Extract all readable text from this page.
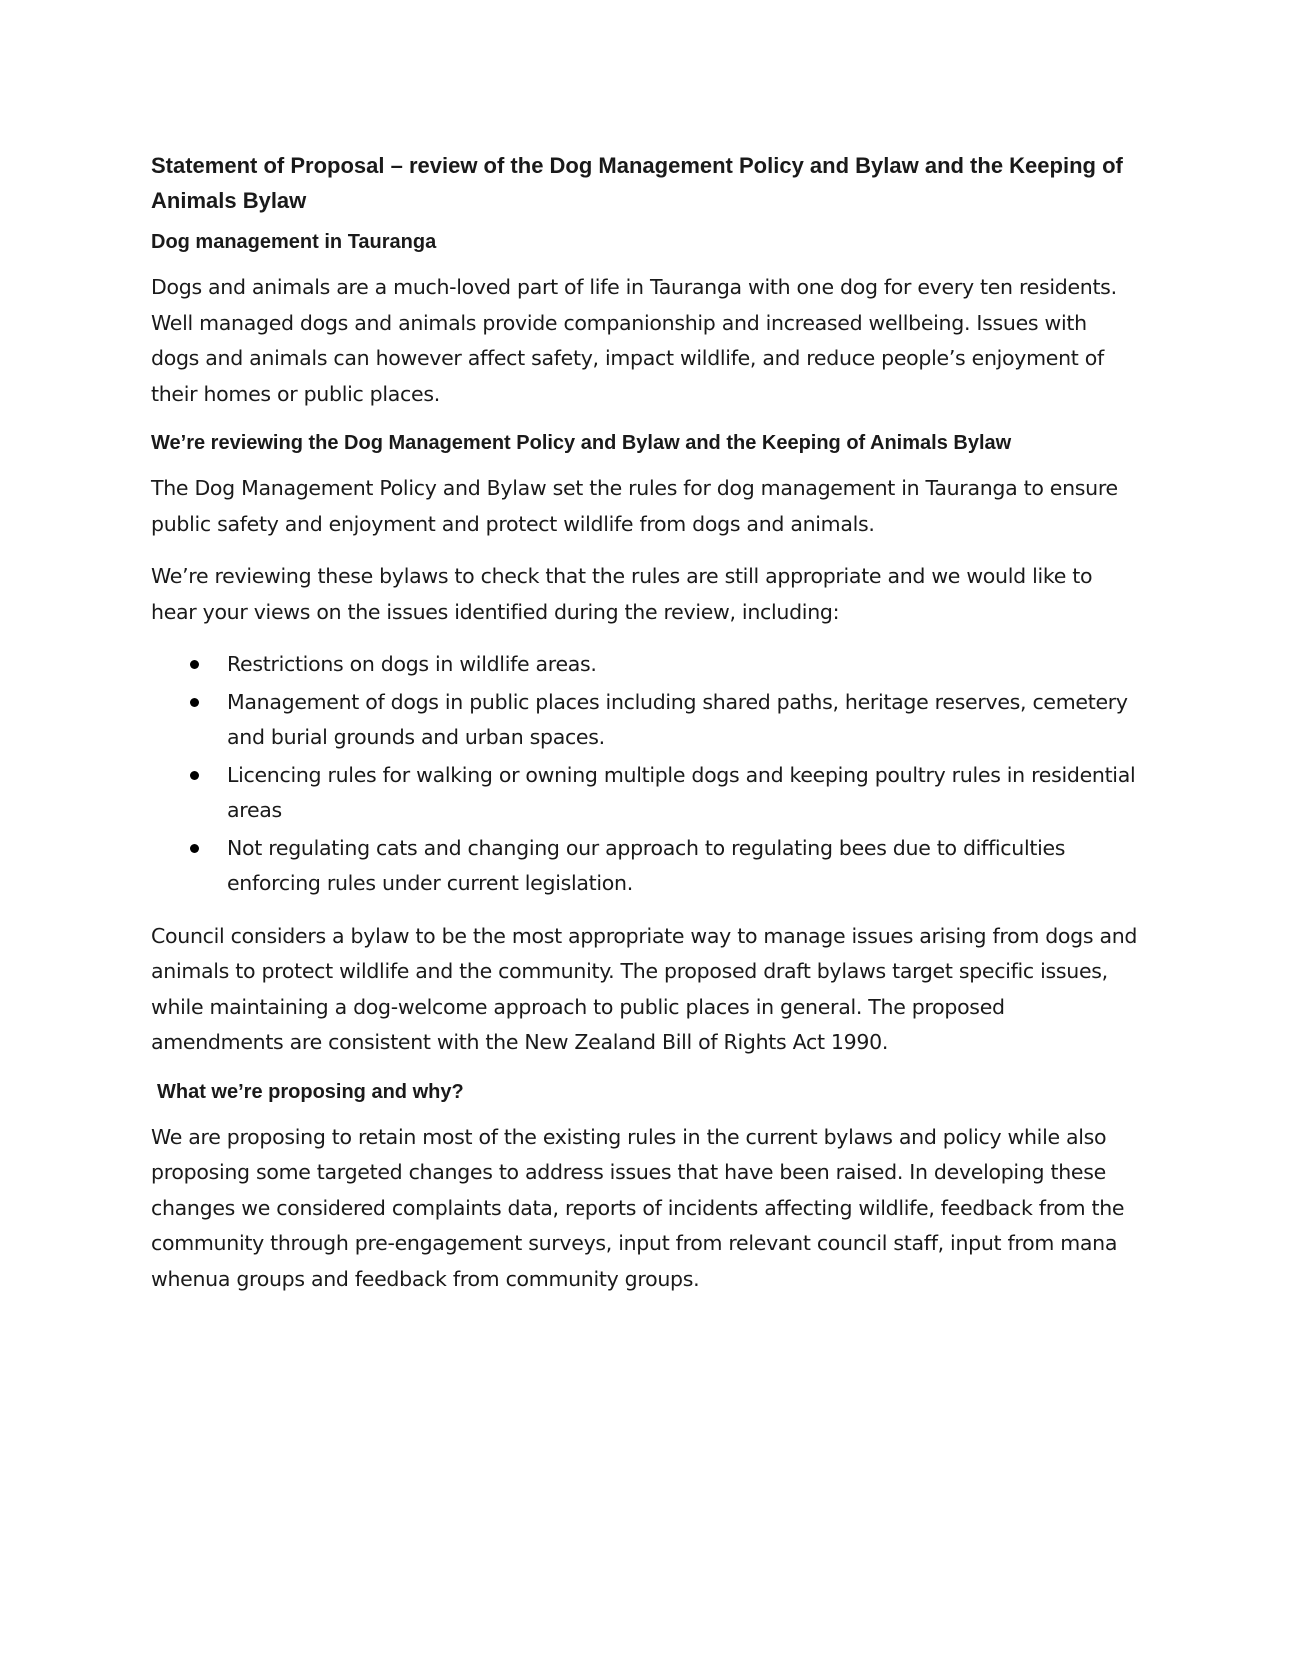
Statement of Proposal – review of the Dog Management Policy and Bylaw and the Keeping of Animals Bylaw
Dog management in Tauranga

Dogs and animals are a much-loved part of life in Tauranga with one dog for every ten residents. Well managed dogs and animals provide companionship and increased wellbeing. Issues with dogs and animals can however affect safety, impact wildlife, and reduce people’s enjoyment of their homes or public places.

We’re reviewing the Dog Management Policy and Bylaw and the Keeping of Animals Bylaw

The Dog Management Policy and Bylaw set the rules for dog management in Tauranga to ensure public safety and enjoyment and protect wildlife from dogs and animals.

We’re reviewing these bylaws to check that the rules are still appropriate and we would like to hear your views on the issues identified during the review, including:

Restrictions on dogs in wildlife areas.
Management of dogs in public places including shared paths, heritage reserves, cemetery and burial grounds and urban spaces.
Licencing rules for walking or owning multiple dogs and keeping poultry rules in residential areas
Not regulating cats and changing our approach to regulating bees due to difficulties enforcing rules under current legislation.

Council considers a bylaw to be the most appropriate way to manage issues arising from dogs and animals to protect wildlife and the community. The proposed draft bylaws target specific issues, while maintaining a dog-welcome approach to public places in general. The proposed amendments are consistent with the New Zealand Bill of Rights Act 1990.

What we’re proposing and why?

We are proposing to retain most of the existing rules in the current bylaws and policy while also proposing some targeted changes to address issues that have been raised. In developing these changes we considered complaints data, reports of incidents affecting wildlife, feedback from the community through pre-engagement surveys, input from relevant council staff, input from mana whenua groups and feedback from community groups.
